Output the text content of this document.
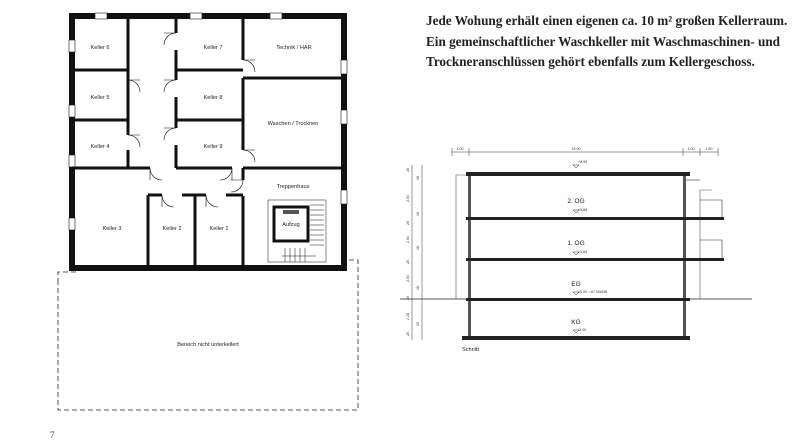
Keller 6	Keller 7	Technik / HAR
Keller 5	Keller 8
Waschen / Trocknen
Keller 4	Keller 9
Treppenhaus
Keller 3	Keller 2	Keller 1
Aufzug
Bereich nicht unterkellert

Jede Wohung erhält einen eigenen ca. 10 m² großen Kellerraum.
Ein gemeinschaftlicher Waschkeller mit Waschmaschinen- und
Trockneranschlüssen gehört ebenfalls zum Kellergeschoss.

1.00	15.00	1.00	1.50
20
16
2.54
16
20
2.54
16
20
2.54
16
20
2.28
20
20
2. OG
1. OG
EG
KG
+8.99
+5.68
+2.84
±0.00 = 67.00üNN
-2.00
Schnitt

7
